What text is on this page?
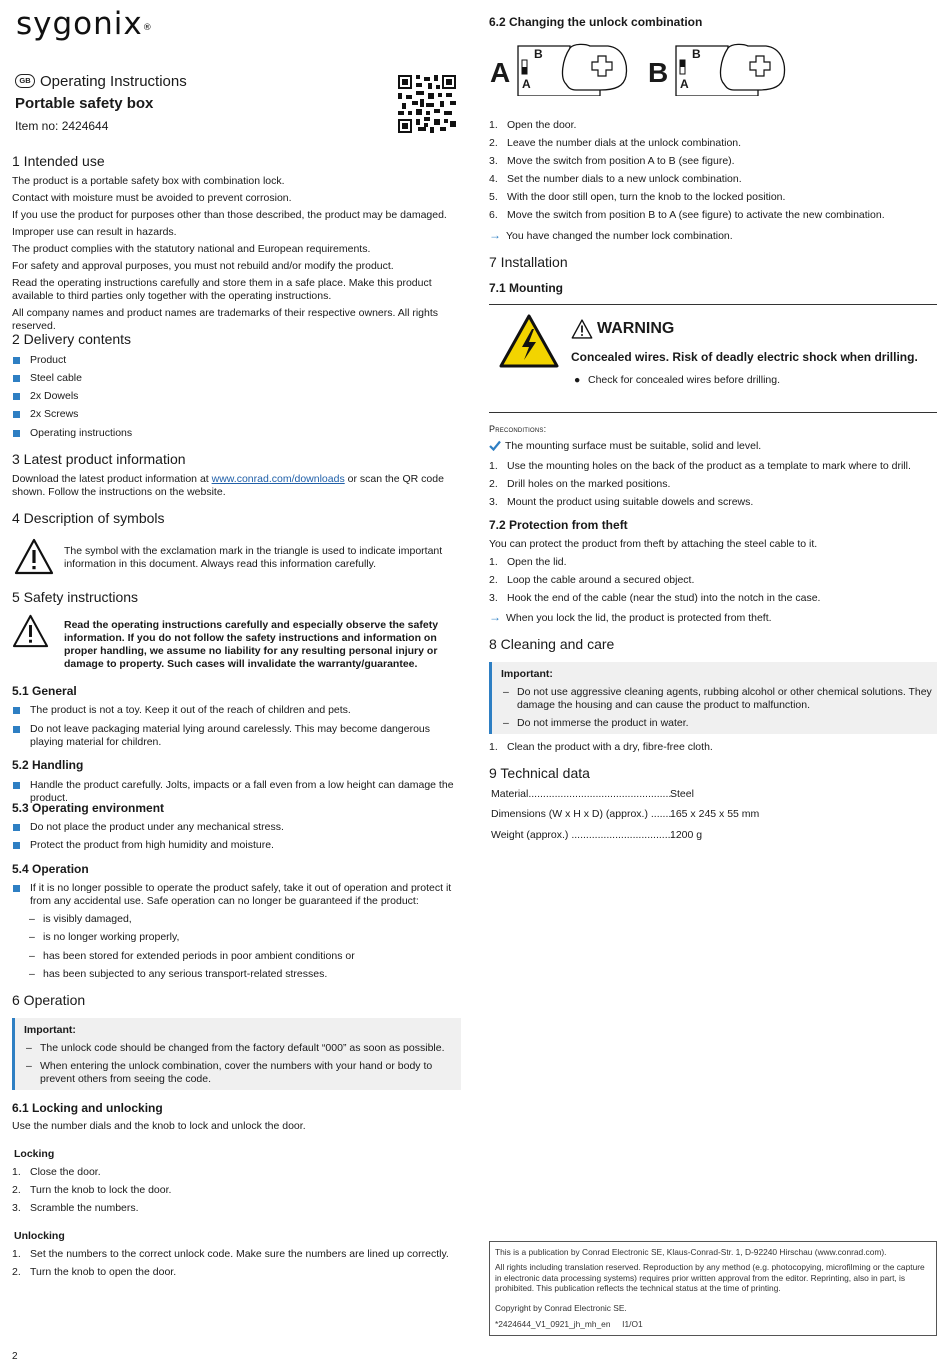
sygonix®
GB Operating Instructions
Portable safety box
Item no: 2424644
1 Intended use

The product is a portable safety box with combination lock.

Contact with moisture must be avoided to prevent corrosion.

If you use the product for purposes other than those described, the product may be damaged.

Improper use can result in hazards.

The product complies with the statutory national and European requirements.

For safety and approval purposes, you must not rebuild and/or modify the product.

Read the operating instructions carefully and store them in a safe place. Make this product available to third parties only together with the operating instructions.

All company names and product names are trademarks of their respective owners. All rights reserved.

2 Delivery contents
Product
Steel cable
2x Dowels
2x Screws
Operating instructions
3 Latest product information

Download the latest product information at www.conrad.com/downloads or scan the QR code shown. Follow the instructions on the website.

4 Description of symbols

The symbol with the exclamation mark in the triangle is used to indicate important information in this document. Always read this information carefully.

5 Safety instructions

Read the operating instructions carefully and especially observe the safety information. If you do not follow the safety instructions and information on proper handling, we assume no liability for any resulting personal injury or damage to property. Such cases will invalidate the warranty/guarantee.

5.1 General
The product is not a toy. Keep it out of the reach of children and pets.
Do not leave packaging material lying around carelessly. This may become dangerous playing material for children.
5.2 Handling
Handle the product carefully. Jolts, impacts or a fall even from a low height can damage the product.
5.3 Operating environment
Do not place the product under any mechanical stress.
Protect the product from high humidity and moisture.
5.4 Operation
If it is no longer possible to operate the product safely, take it out of operation and protect it from any accidental use. Safe operation can no longer be guaranteed if the product:
– is visibly damaged,
– is no longer working properly,
– has been stored for extended periods in poor ambient conditions or
– has been subjected to any serious transport-related stresses.
6 Operation
Important:
– The unlock code should be changed from the factory default “000” as soon as possible.
– When entering the unlock combination, cover the numbers with your hand or body to prevent others from seeing the code.
6.1 Locking and unlocking

Use the number dials and the knob to lock and unlock the door.

Locking
1. Close the door.
2. Turn the knob to lock the door.
3. Scramble the numbers.
Unlocking
1. Set the numbers to the correct unlock code. Make sure the numbers are lined up correctly.
2. Turn the knob to open the door.
2
6.2 Changing the unlock combination
A
B
A	B
B
A
1. Open the door.
2. Leave the number dials at the unlock combination.
3. Move the switch from position A to B (see figure).
4. Set the number dials to a new unlock combination.
5. With the door still open, turn the knob to the locked position.
6. Move the switch from position B to A (see figure) to activate the new combination.
→ You have changed the number lock combination.
7 Installation
7.1 Mounting
WARNING
Concealed wires. Risk of deadly electric shock when drilling.
● Check for concealed wires before drilling.
Preconditions:
The mounting surface must be suitable, solid and level.
1. Use the mounting holes on the back of the product as a template to mark where to drill.
2. Drill holes on the marked positions.
3. Mount the product using suitable dowels and screws.
7.2 Protection from theft

You can protect the product from theft by attaching the steel cable to it.

1. Open the lid.
2. Loop the cable around a secured object.
3. Hook the end of the cable (near the stud) into the notch in the case.
→ When you lock the lid, the product is protected from theft.
8 Cleaning and care
Important:
– Do not use aggressive cleaning agents, rubbing alcohol or other chemical solutions. They damage the housing and can cause the product to malfunction.
– Do not immerse the product in water.
1. Clean the product with a dry, fibre-free cloth.
9 Technical data
Material..................................................
Steel
Dimensions (W x H x D) (approx.) ........
165 x 245 x 55 mm
Weight (approx.) ...................................
1200 g
This is a publication by Conrad Electronic SE, Klaus-Conrad-Str. 1, D-92240 Hirschau (www.conrad.com).
All rights including translation reserved. Reproduction by any method (e.g. photocopying, microfilming or the capture in electronic data processing systems) requires prior written approval from the editor. Reprinting, also in part, is prohibited. This publication reflects the technical status at the time of printing.
Copyright by Conrad Electronic SE.
*2424644_V1_0921_jh_mh_en     I1/O1
